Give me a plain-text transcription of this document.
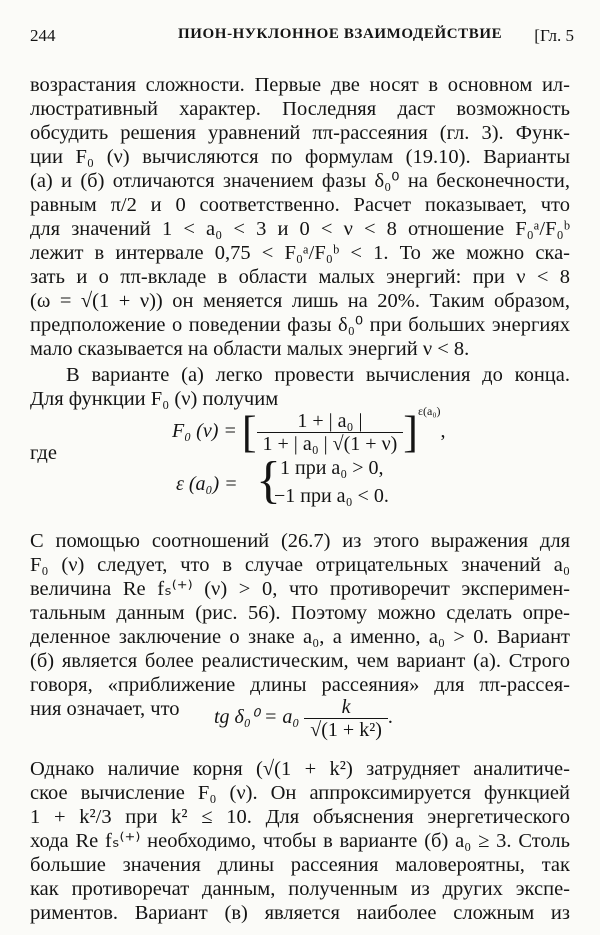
244	ПИОН-НУКЛОННОЕ ВЗАИМОДЕЙСТВИЕ [Гл. 5
возрастания сложности. Первые две носят в основном ил-
люстративный характер. Последняя даст возможность
обсудить решения уравнений ππ-рассеяния (гл. 3). Функ-
ции F₀ (ν) вычисляются по формулам (19.10). Варианты
(а) и (б) отличаются значением фазы δ₀⁰ на бесконечности,
равным π/2 и 0 соответственно. Расчет показывает, что
для значений 1 < a₀ < 3 и 0 < ν < 8 отношение F₀ᵃ/F₀ᵇ
лежит в интервале 0,75 < F₀ᵃ/F₀ᵇ < 1. То же можно ска-
зать и о ππ-вкладе в области малых энергий: при ν < 8
(ω = √(1 + ν)) он меняется лишь на 20%. Таким образом,
предположение о поведении фазы δ₀⁰ при больших энергиях
мало сказывается на области малых энергий ν < 8.
В варианте (а) легко провести вычисления до конца.
Для функции F₀ (ν) получим
F₀ (ν) = [ $\frac{\text{1 + | a₀ |}}{\text{1 + | a₀ | √(1 + ν)}} ]^{\varepsilon(a_0)}$,
где
ε (a₀) = { 1 при a₀ > 0,
−1 при a₀ < 0.
С помощью соотношений (26.7) из этого выражения для
F₀ (ν) следует, что в случае отрицательных значений a₀
величина Re fₛ⁽⁺⁾ (ν) > 0, что противоречит эксперимен-
тальным данным (рис. 56). Поэтому можно сделать опре-
деленное заключение о знаке a₀, а именно, a₀ > 0. Вариант
(б) является более реалистическим, чем вариант (а). Строго
говоря, «приближение длины рассеяния» для ππ-рассея-
ния означает, что	tg $\delta_0^0 = a_0 \frac{k}{\text{√(1 + k²)}}$ .
Однако наличие корня (√(1 + k²) затрудняет аналитиче-
ское вычисление F₀ (ν). Он аппроксимируется функцией
1 + k²/3 при k² ≤ 10. Для объяснения энергетического
хода Re fₛ⁽⁺⁾ необходимо, чтобы в варианте (б) a₀ ≥ 3. Столь
большие значения длины рассеяния маловероятны, так
как противоречат данным, полученным из других экспе-
риментов. Вариант (в) является наиболее сложным из
